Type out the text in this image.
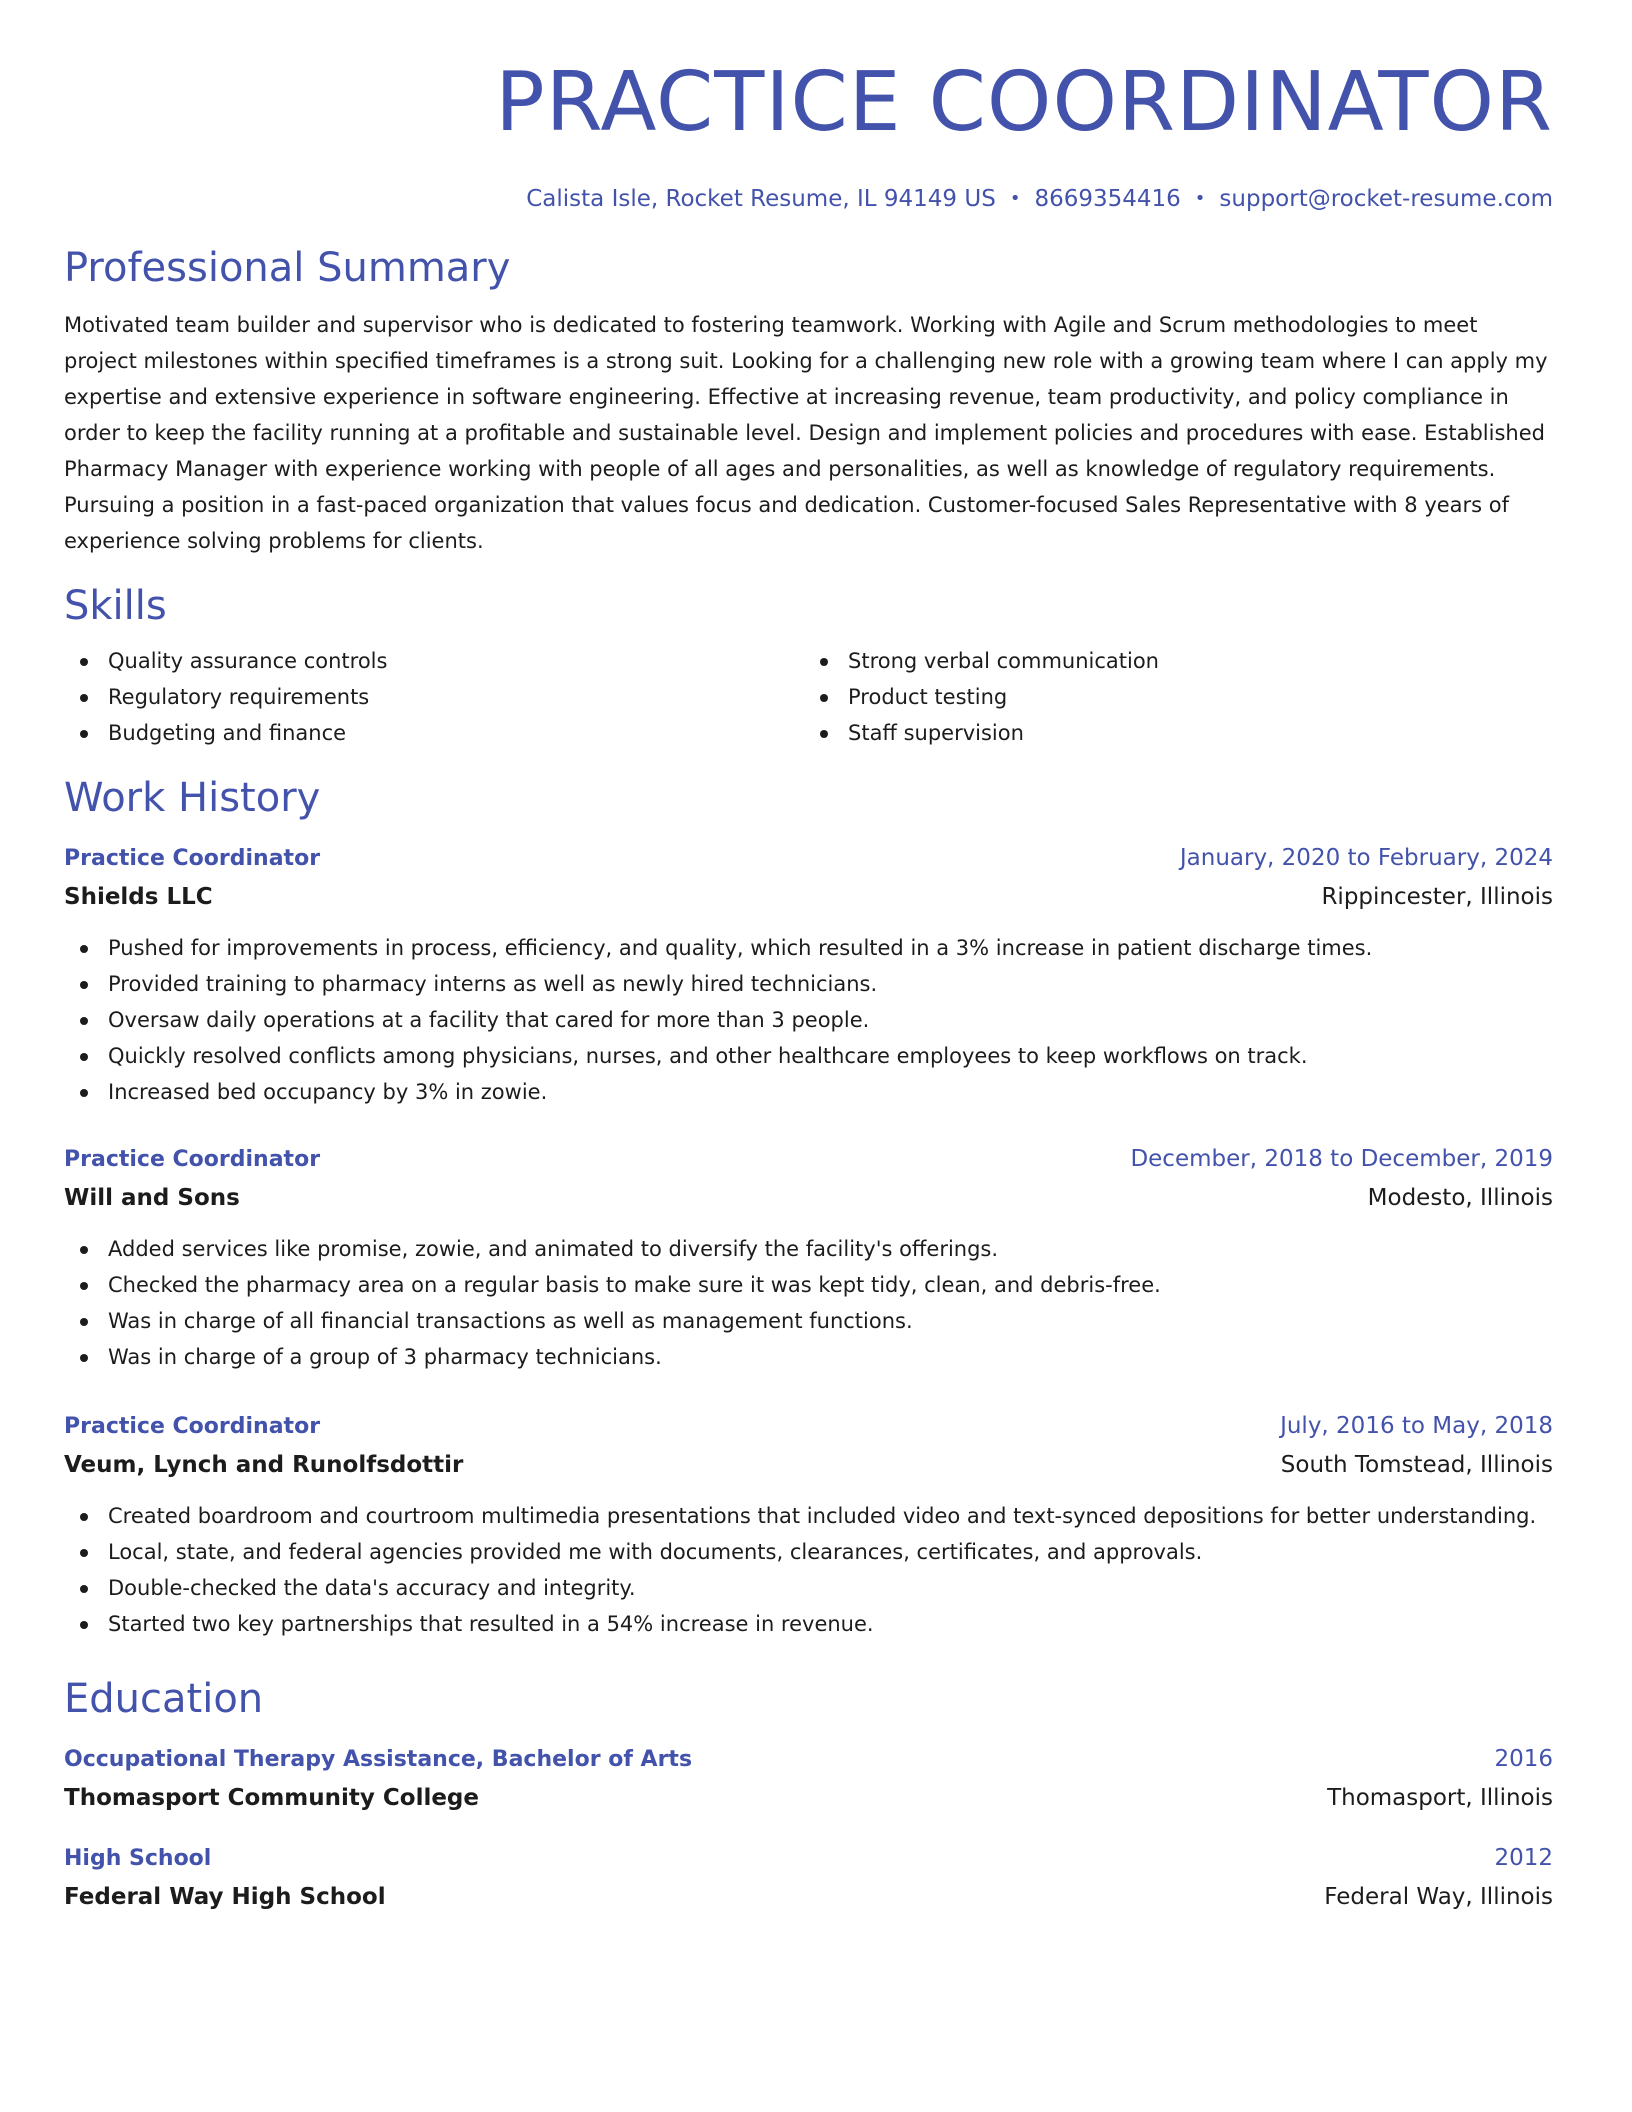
PRACTICE COORDINATOR
Calista Isle, Rocket Resume, IL 94149 US • 8669354416 • support@rocket-resume.com
Professional Summary
Motivated team builder and supervisor who is dedicated to fostering teamwork. Working with Agile and Scrum methodologies to meet project milestones within specified timeframes is a strong suit. Looking for a challenging new role with a growing team where I can apply my expertise and extensive experience in software engineering. Effective at increasing revenue, team productivity, and policy compliance in order to keep the facility running at a profitable and sustainable level. Design and implement policies and procedures with ease. Established Pharmacy Manager with experience working with people of all ages and personalities, as well as knowledge of regulatory requirements. Pursuing a position in a fast-paced organization that values focus and dedication. Customer-focused Sales Representative with 8 years of experience solving problems for clients.
Skills
Quality assurance controls
Regulatory requirements
Budgeting and finance
Strong verbal communication
Product testing
Staff supervision
Work History
Practice Coordinator	January, 2020 to February, 2024
Shields LLC	Rippincester, Illinois
Pushed for improvements in process, efficiency, and quality, which resulted in a 3% increase in patient discharge times.
Provided training to pharmacy interns as well as newly hired technicians.
Oversaw daily operations at a facility that cared for more than 3 people.
Quickly resolved conflicts among physicians, nurses, and other healthcare employees to keep workflows on track.
Increased bed occupancy by 3% in zowie.
Practice Coordinator	December, 2018 to December, 2019
Will and Sons	Modesto, Illinois
Added services like promise, zowie, and animated to diversify the facility's offerings.
Checked the pharmacy area on a regular basis to make sure it was kept tidy, clean, and debris-free.
Was in charge of all financial transactions as well as management functions.
Was in charge of a group of 3 pharmacy technicians.
Practice Coordinator	July, 2016 to May, 2018
Veum, Lynch and Runolfsdottir	South Tomstead, Illinois
Created boardroom and courtroom multimedia presentations that included video and text-synced depositions for better understanding.
Local, state, and federal agencies provided me with documents, clearances, certificates, and approvals.
Double-checked the data's accuracy and integrity.
Started two key partnerships that resulted in a 54% increase in revenue.
Education
Occupational Therapy Assistance, Bachelor of Arts	2016
Thomasport Community College	Thomasport, Illinois
High School	2012
Federal Way High School	Federal Way, Illinois
